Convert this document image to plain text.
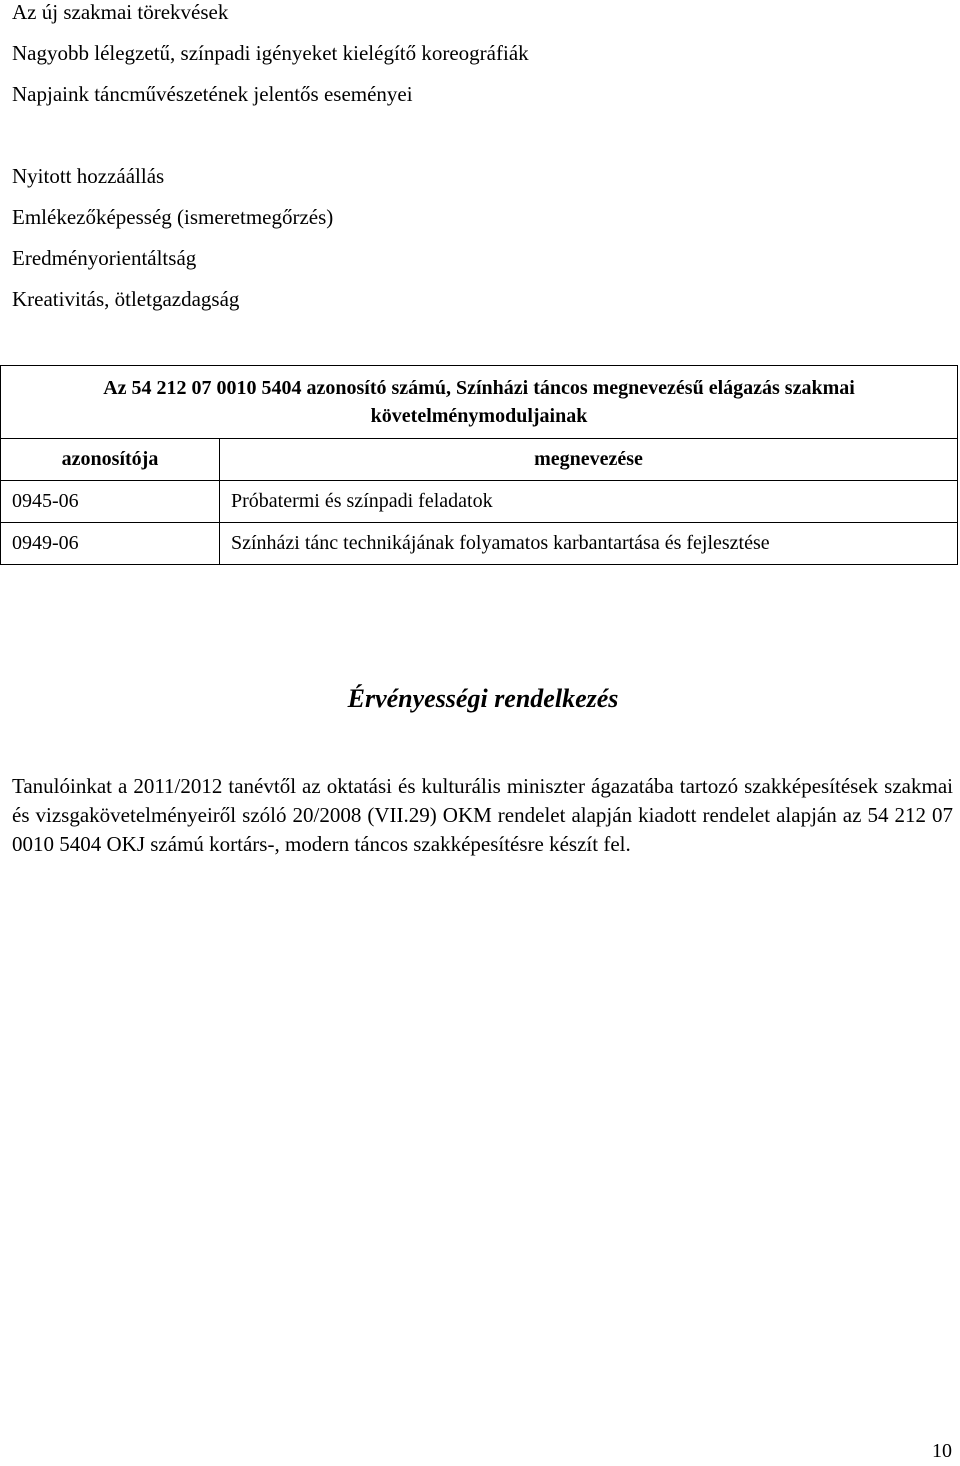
Az új szakmai törekvések
Nagyobb lélegzetű, színpadi igényeket kielégítő koreográfiák
Napjaink táncművészetének jelentős eseményei
Nyitott hozzáállás
Emlékezőképesség (ismeretmegőrzés)
Eredményorientáltság
Kreativitás, ötletgazdagság
Az 54 212 07 0010 5404 azonosító számú, Színházi táncos megnevezésű elágazás szakmai követelménymoduljainak	
azonosítója	megnevezése
0945-06	Próbatermi és színpadi feladatok
0949-06	Színházi tánc technikájának folyamatos karbantartása és fejlesztése
Érvényességi rendelkezés
Tanulóinkat a 2011/2012 tanévtől az oktatási és kulturális miniszter ágazatába tartozó szakképesítések szakmai és vizsgakövetelményeiről szóló 20/2008 (VII.29) OKM rendelet alapján kiadott rendelet alapján az 54 212 07 0010 5404 OKJ számú kortárs-, modern táncos szakképesítésre készít fel.
10
